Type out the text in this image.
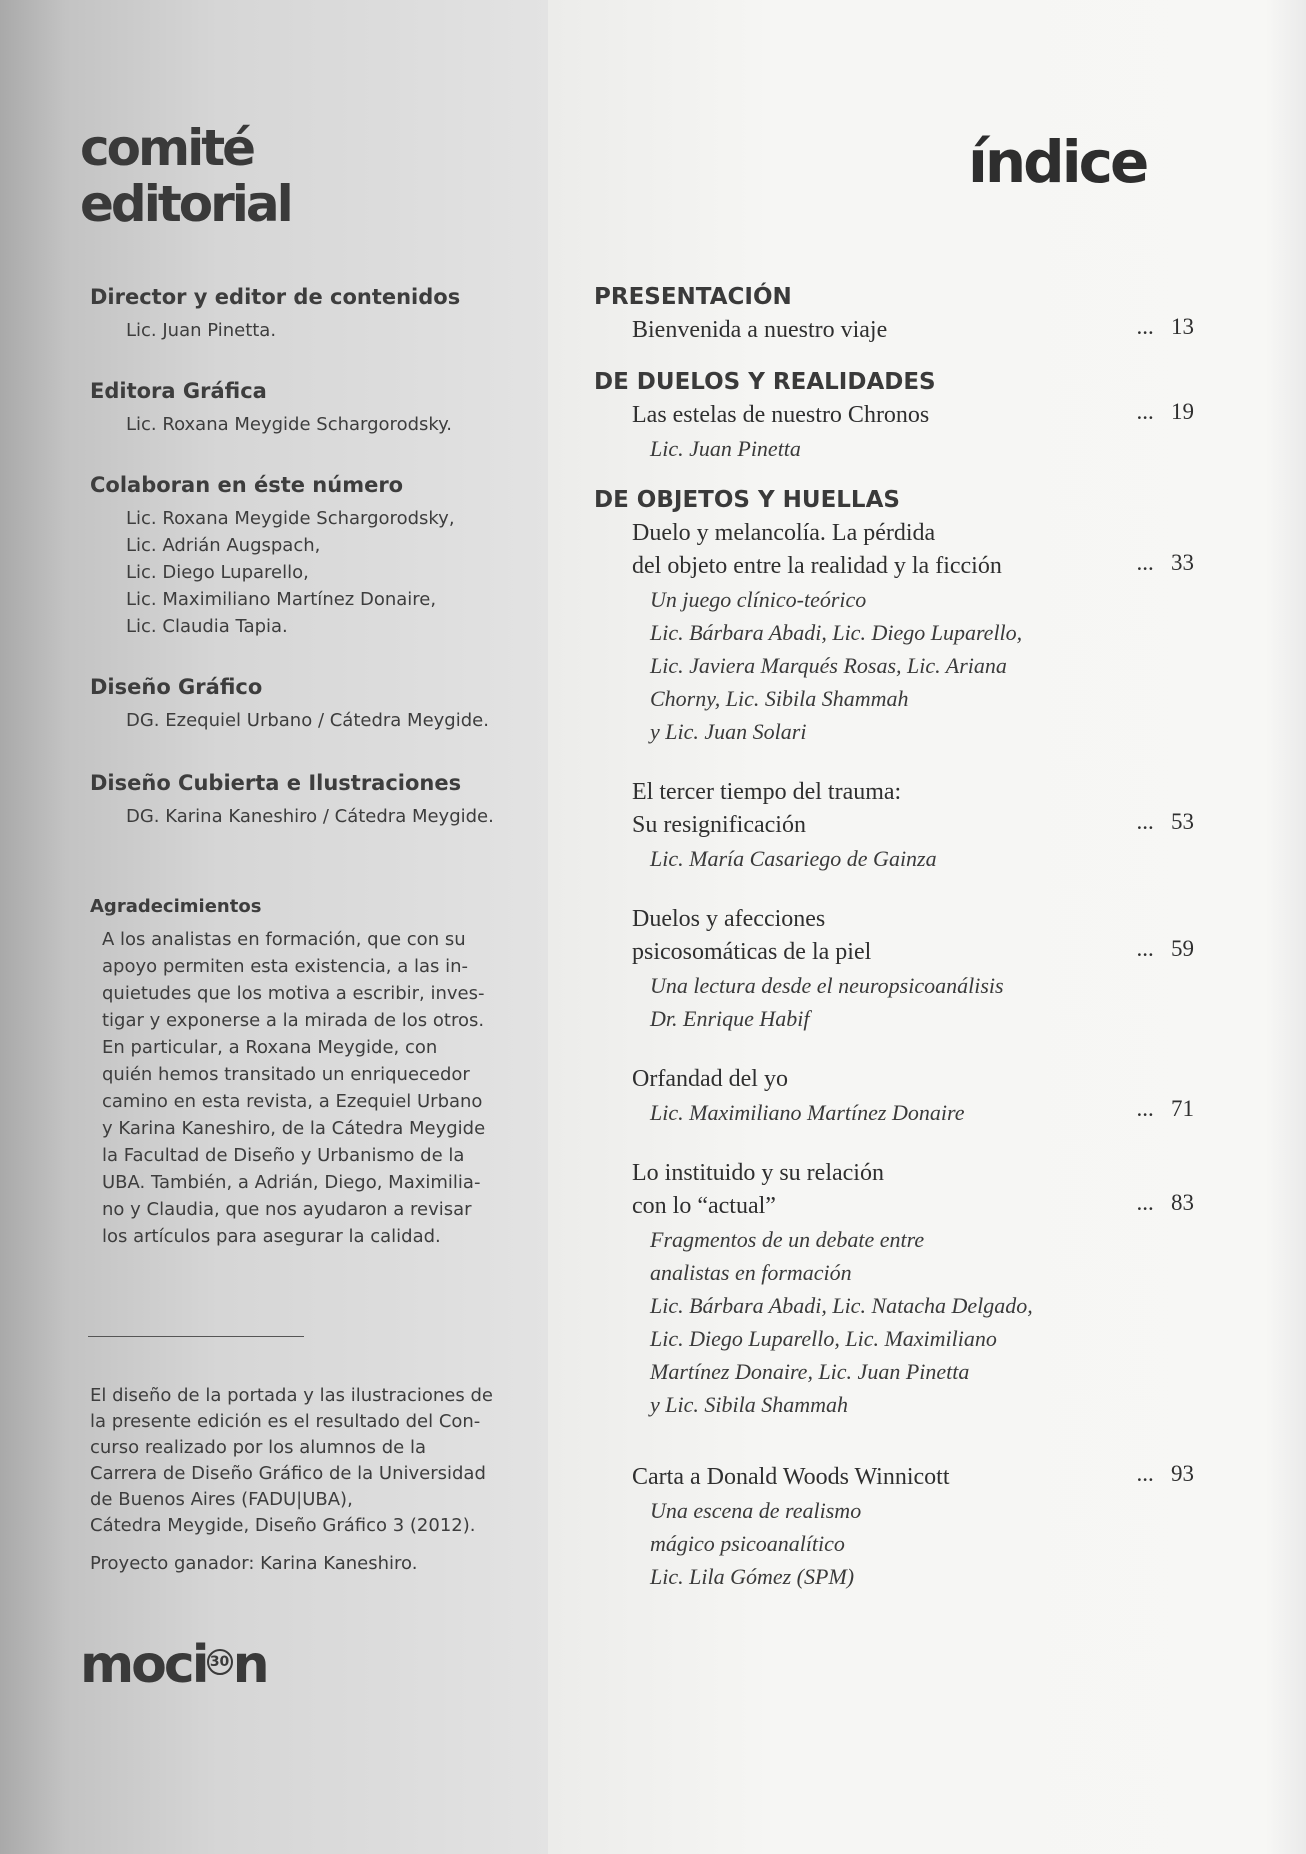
comité
editorial

Director y editor de contenidos

Lic. Juan Pinetta.

Editora Gráfica

Lic. Roxana Meygide Schargorodsky.

Colaboran en éste número

Lic. Roxana Meygide Schargorodsky,
Lic. Adrián Augspach,
Lic. Diego Luparello,
Lic. Maximiliano Martínez Donaire,
Lic. Claudia Tapia.

Diseño Gráfico

DG. Ezequiel Urbano / Cátedra Meygide.

Diseño Cubierta e Ilustraciones

DG. Karina Kaneshiro / Cátedra Meygide.

Agradecimientos

A los analistas en formación, que con su

apoyo permiten esta existencia, a las in-

quietudes que los motiva a escribir, inves-

tigar y exponerse a la mirada de los otros.

En particular, a Roxana Meygide, con

quién hemos transitado un enriquecedor

camino en esta revista, a Ezequiel Urbano

y Karina Kaneshiro, de la Cátedra Meygide

la Facultad de Diseño y Urbanismo de la

UBA. También, a Adrián, Diego, Maximilia-

no y Claudia, que nos ayudaron a revisar

los artículos para asegurar la calidad.

El diseño de la portada y las ilustraciones de

la presente edición es el resultado del Con-

curso realizado por los alumnos de la

Carrera de Diseño Gráfico de la Universidad

de Buenos Aires (FADU|UBA),

Cátedra Meygide, Diseño Gráfico 3 (2012).

Proyecto ganador: Karina Kaneshiro.

moci 30n
índice

PRESENTACIÓN

Bienvenida a nuestro viaje	...   13

DE DUELOS Y REALIDADES

Las estelas de nuestro Chronos
Lic. Juan Pinetta
...   19

DE OBJETOS Y HUELLAS

Duelo y melancolía. La pérdida
del objeto entre la realidad y la ficción
Un juego clínico-teórico
Lic. Bárbara Abadi, Lic. Diego Luparello,
Lic. Javiera Marqués Rosas, Lic. Ariana
Chorny, Lic. Sibila Shammah
y Lic. Juan Solari
...   33
El tercer tiempo del trauma:
Su resignificación
Lic. María Casariego de Gainza
...   53
Duelos y afecciones
psicosomáticas de la piel
Una lectura desde el neuropsicoanálisis
Dr. Enrique Habif
...   59
Orfandad del yo
Lic. Maximiliano Martínez Donaire	...   71
Lo instituido y su relación
con lo “actual”
Fragmentos de un debate entre
analistas en formación
Lic. Bárbara Abadi, Lic. Natacha Delgado,
Lic. Diego Luparello, Lic. Maximiliano
Martínez Donaire, Lic. Juan Pinetta
y Lic. Sibila Shammah
...   83
Carta a Donald Woods Winnicott
Una escena de realismo
mágico psicoanalítico
Lic. Lila Gómez (SPM)
...   93
